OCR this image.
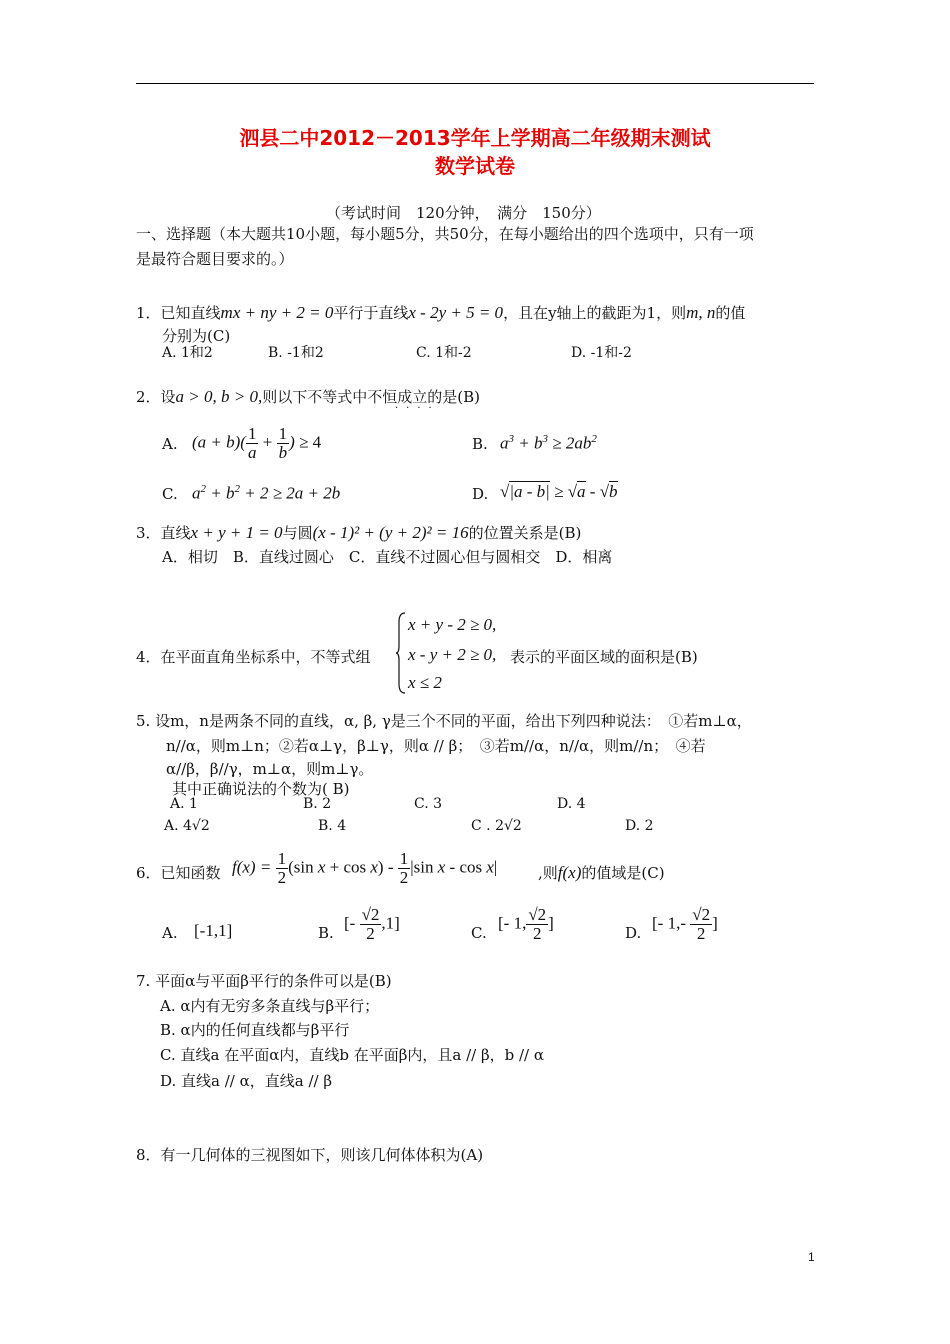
泗县二中2012－2013学年上学期高二年级期末测试
数学试卷
（考试时间　120分钟，　满分　150分）
一、选择题（本大题共10小题，每小题5分，共50分，在每小题给出的四个选项中，只有一项
是最符合题目要求的。）
1．已知直线mx + ny + 2 = 0平行于直线x - 2y + 5 = 0，且在y轴上的截距为1，则m, n的值
分别为(C)
A. 1和2	B. -1和2	C. 1和-2	D. -1和-2
2．设a > 0, b > 0,则以下不等式中不恒成立的是(B)
····
A. $(a + b)( \frac{1}{a} + \frac{1}{b}$ ) ≥ 4	B. $a^3 + b^3 \ge 2ab^2$
C. $a^2 + b^2 + 2 \ge 2a + 2b$	D. √|a - b| ≥ √a - √b
3．直线x + y + 1 = 0与圆(x - 1)² + (y + 2)² = 16的位置关系是(B)
A．相切　B．直线过圆心　C．直线不过圆心但与圆相交　D．相离
4．在平面直角坐标系中，不等式组
x + y - 2 ≥ 0,
x - y + 2 ≥ 0,
x ≤ 2
表示的平面区域的面积是(B)
5. 设m，n是两条不同的直线，α, β, γ是三个不同的平面，给出下列四种说法：　①若m⊥α，
n//α，则m⊥n；②若α⊥γ，β⊥γ，则α // β；　③若m//α，n//α，则m//n；　④若
α//β，β//γ，m⊥α，则m⊥γ。
其中正确说法的个数为( B)
A. 1	B. 2	C. 3	D. 4
A. 4√2	B. 4	C . 2√2	D. 2
6．已知函数 $f(x) = \frac{1}{2} (\sin$ $x + \cos x) - \frac{1}{2} |\sin$ x - cos x|	,则f(x)的值域是(C)
A. [-1,1]	B.
[- $\frac{√2}{2} ,1$]
C.
[- 1, $\frac{√2}{2}$ ]
D.
[- $1,- \frac{√2}{2}$ ]
7. 平面α与平面β平行的条件可以是(B)
A. α内有无穷多条直线与β平行；
B. α内的任何直线都与β平行
C. 直线a 在平面α内，直线b 在平面β内，且a // β，b // α
D. 直线a // α，直线a // β
8．有一几何体的三视图如下，则该几何体体积为(A)
1
